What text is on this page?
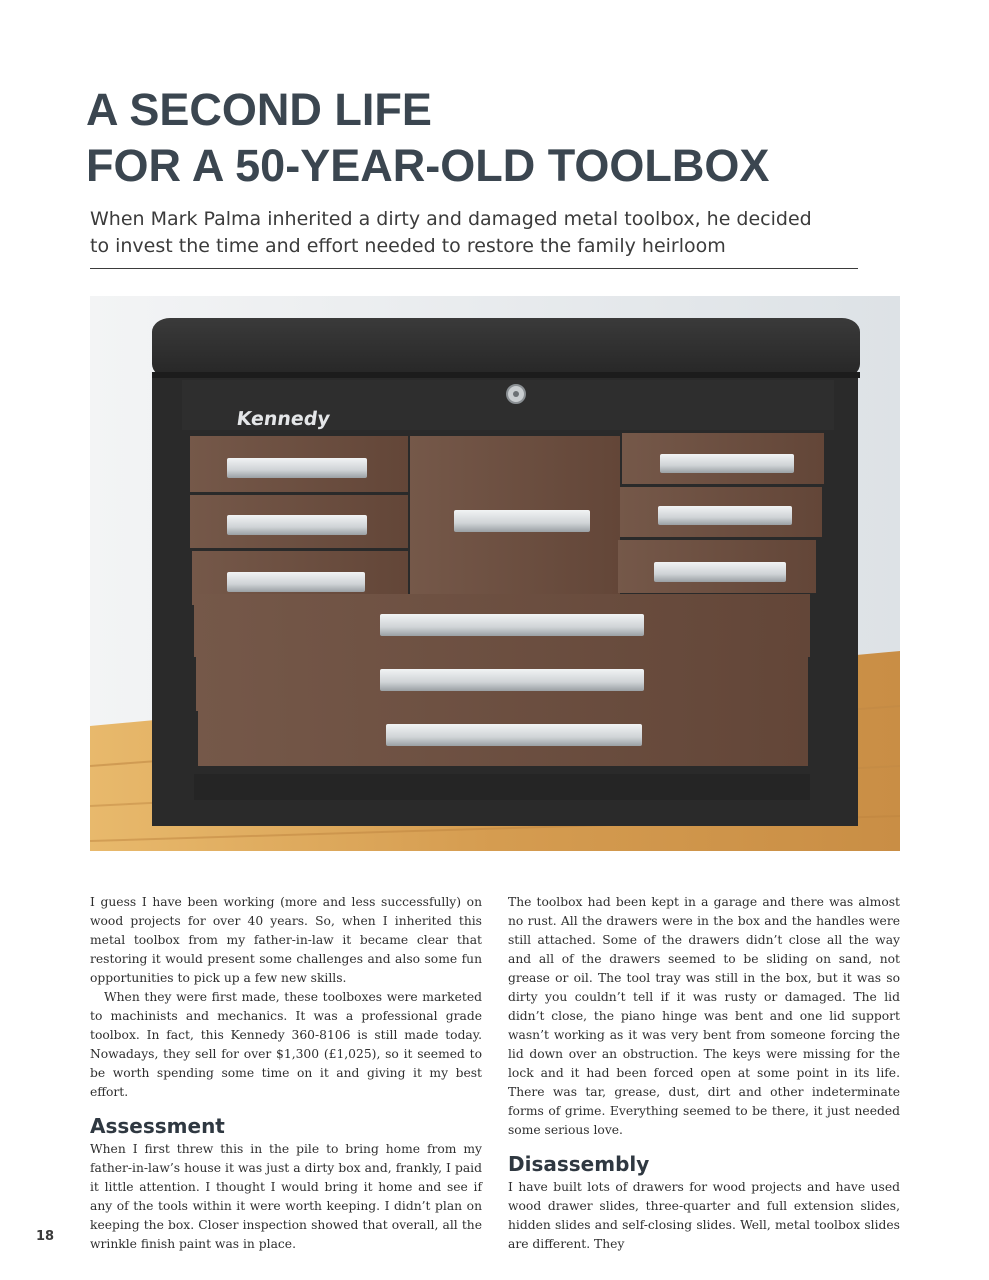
A SECOND LIFE
FOR A 50-YEAR-OLD TOOLBOX

When Mark Palma inherited a dirty and damaged metal toolbox, he decided
to invest the time and effort needed to restore the family heirloom

Kennedy

I guess I have been working (more and less successfully) on wood projects for over 40 years. So, when I inherited this metal toolbox from my father-in-law it became clear that restoring it would present some challenges and also some fun opportunities to pick up a few new skills.

When they were first made, these toolboxes were marketed to machinists and mechanics. It was a professional grade toolbox. In fact, this Kennedy 360-8106 is still made today. Nowadays, they sell for over $1,300 (£1,025), so it seemed to be worth spending some time on it and giving it my best effort.

Assessment

When I first threw this in the pile to bring home from my father-in-law’s house it was just a dirty box and, frankly, I paid it little attention. I thought I would bring it home and see if any of the tools within it were worth keeping. I didn’t plan on keeping the box. Closer inspection showed that overall, all the wrinkle finish paint was in place.

The toolbox had been kept in a garage and there was almost no rust. All the drawers were in the box and the handles were still attached. Some of the drawers didn’t close all the way and all of the drawers seemed to be sliding on sand, not grease or oil. The tool tray was still in the box, but it was so dirty you couldn’t tell if it was rusty or damaged. The lid didn’t close, the piano hinge was bent and one lid support wasn’t working as it was very bent from someone forcing the lid down over an obstruction. The keys were missing for the lock and it had been forced open at some point in its life. There was tar, grease, dust, dirt and other indeterminate forms of grime. Everything seemed to be there, it just needed some serious love.

Disassembly

I have built lots of drawers for wood projects and have used wood drawer slides, three-quarter and full extension slides, hidden slides and self-closing slides. Well, metal toolbox slides are different. They

18
